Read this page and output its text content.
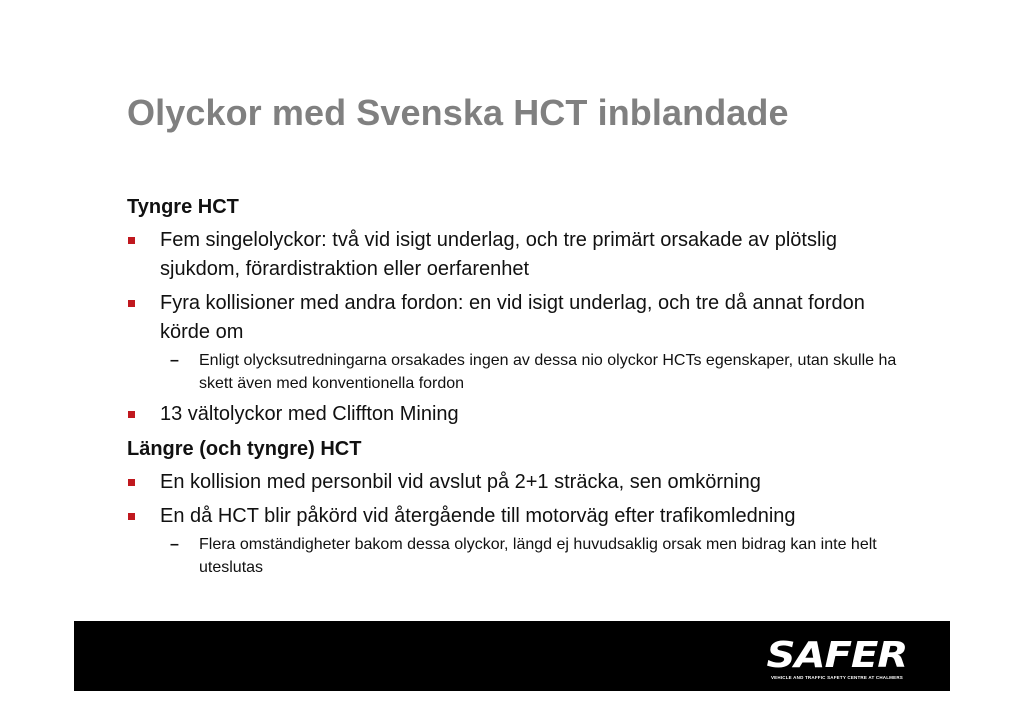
Olyckor med Svenska HCT inblandade
Tyngre HCT
Fem singelolyckor: två vid isigt underlag, och tre primärt orsakade av plötslig sjukdom, förardistraktion eller oerfarenhet
Fyra kollisioner med andra fordon: en vid isigt underlag, och tre då annat fordon körde om
– Enligt olycksutredningarna orsakades ingen av dessa nio olyckor HCTs egenskaper, utan skulle ha skett även med konventionella fordon
13 vältolyckor med Cliffton Mining
Längre (och tyngre) HCT
En kollision med personbil vid avslut på 2+1 sträcka, sen omkörning
En då HCT blir påkörd vid återgående till motorväg efter trafikomledning
– Flera omständigheter bakom dessa olyckor, längd ej huvudsaklig orsak men bidrag kan inte helt uteslutas
SAFER
VEHICLE AND TRAFFIC SAFETY CENTRE AT CHALMERS
